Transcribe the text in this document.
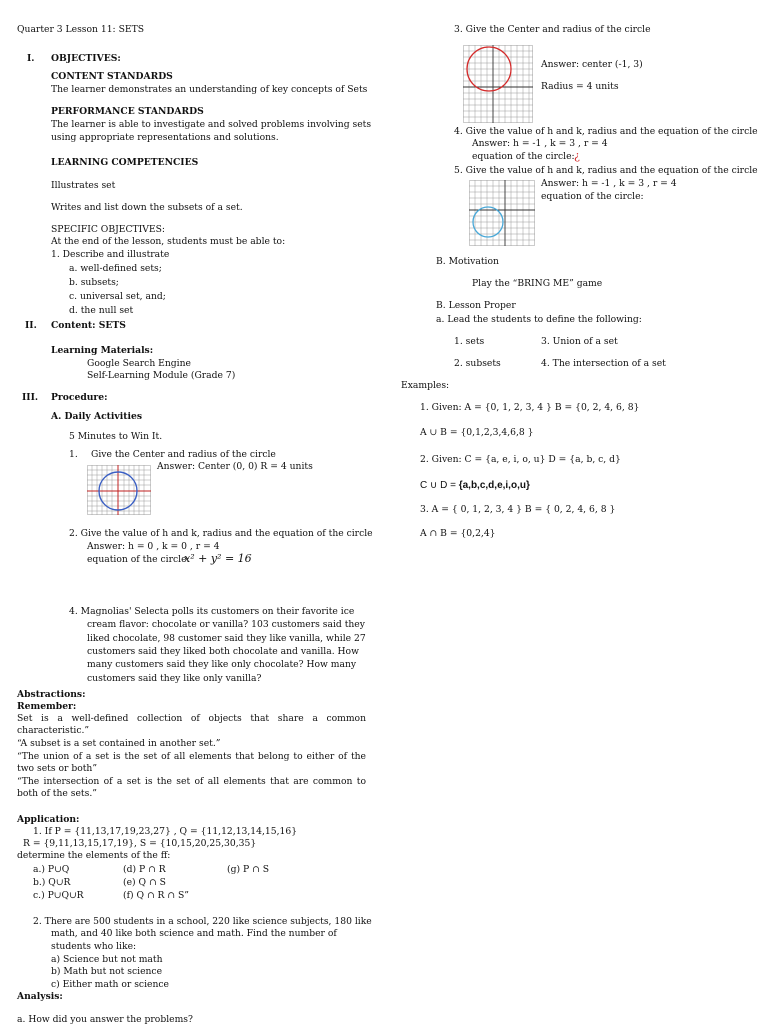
Quarter 3 Lesson 11: SETS
I. OBJECTIVES:
CONTENT STANDARDS
The learner demonstrates an understanding of key concepts of Sets
PERFORMANCE STANDARDS
The learner is able to investigate and solved problems involving sets
using appropriate representations and solutions.
LEARNING COMPETENCIES
Illustrates set
Writes and list down the subsets of a set.
SPECIFIC OBJECTIVES:
At the end of the lesson, students must be able to:
1. Describe and illustrate
a. well-defined sets;
b. subsets;
c. universal set, and;
d. the null set
II. Content: SETS
Learning Materials:
Google Search Engine
Self-Learning Module (Grade 7)
III. Procedure:
A. Daily Activities
5 Minutes to Win It.
1. Give the Center and radius of the circle
Answer: Center (0, 0) R = 4 units
2. Give the value of h and k, radius and the equation of the circle
Answer: h = 0 , k = 0 , r = 4
equation of the circle:
x² + y² = 16
3. Give the Center and radius of the circle
Answer: center (-1, 3)
Radius = 4 units
4. Give the value of h and k, radius and the equation of the circle
Answer: h = -1 , k = 3 , r = 4
equation of the circle: ¿
5. Give the value of h and k, radius and the equation of the circle
Answer: h = -1 , k = 3 , r = 4
equation of the circle:
B. Motivation
Play the “BRING ME” game
B. Lesson Proper
a. Lead the students to define the following:
1. sets	3. Union of a set
2. subsets	4. The intersection of a set
Examples:
1. Given: A = {0, 1, 2, 3, 4 } B = {0, 2, 4, 6, 8}
A ∪ B = {0,1,2,3,4,6,8 }
2. Given: C = {a, e, i, o, u} D = {a, b, c, d}
C ∪ D = {a,b,c,d,e,i,o,u}
3. A = { 0, 1, 2, 3, 4 } B = { 0, 2, 4, 6, 8 }
A ∩ B = {0,2,4}
4. Magnolias' Selecta polls its customers on their favorite ice cream flavor: chocolate or vanilla? 103 customers said they liked chocolate, 98 customer said they like vanilla, while 27 customers said they liked both chocolate and vanilla. How many customers said they like only chocolate? How many customers said they like only vanilla?
Abstractions:
Remember:
Set is a well-defined collection of objects that share a common characteristic.”
“A subset is a set contained in another set.”
“The union of a set is the set of all elements that belong to either of the two sets or both”
“The intersection of a set is the set of all elements that are common to both of the sets.”
Application:
1. If P = {11,13,17,19,23,27} , Q = {11,12,13,14,15,16}
R = {9,11,13,15,17,19}, S = {10,15,20,25,30,35}
determine the elements of the ff:
a.) P∪Q
b.) Q∪R
c.) P∪Q∪R
(d) P ∩ R
(e) Q ∩ S
(f) Q ∩ R ∩ S”
(g) P ∩ S
2. There are 500 students in a school, 220 like science subjects, 180 like
math, and 40 like both science and math. Find the number of
students who like:
a) Science but not math
b) Math but not science
c) Either math or science
Analysis:
a. How did you answer the problems?
